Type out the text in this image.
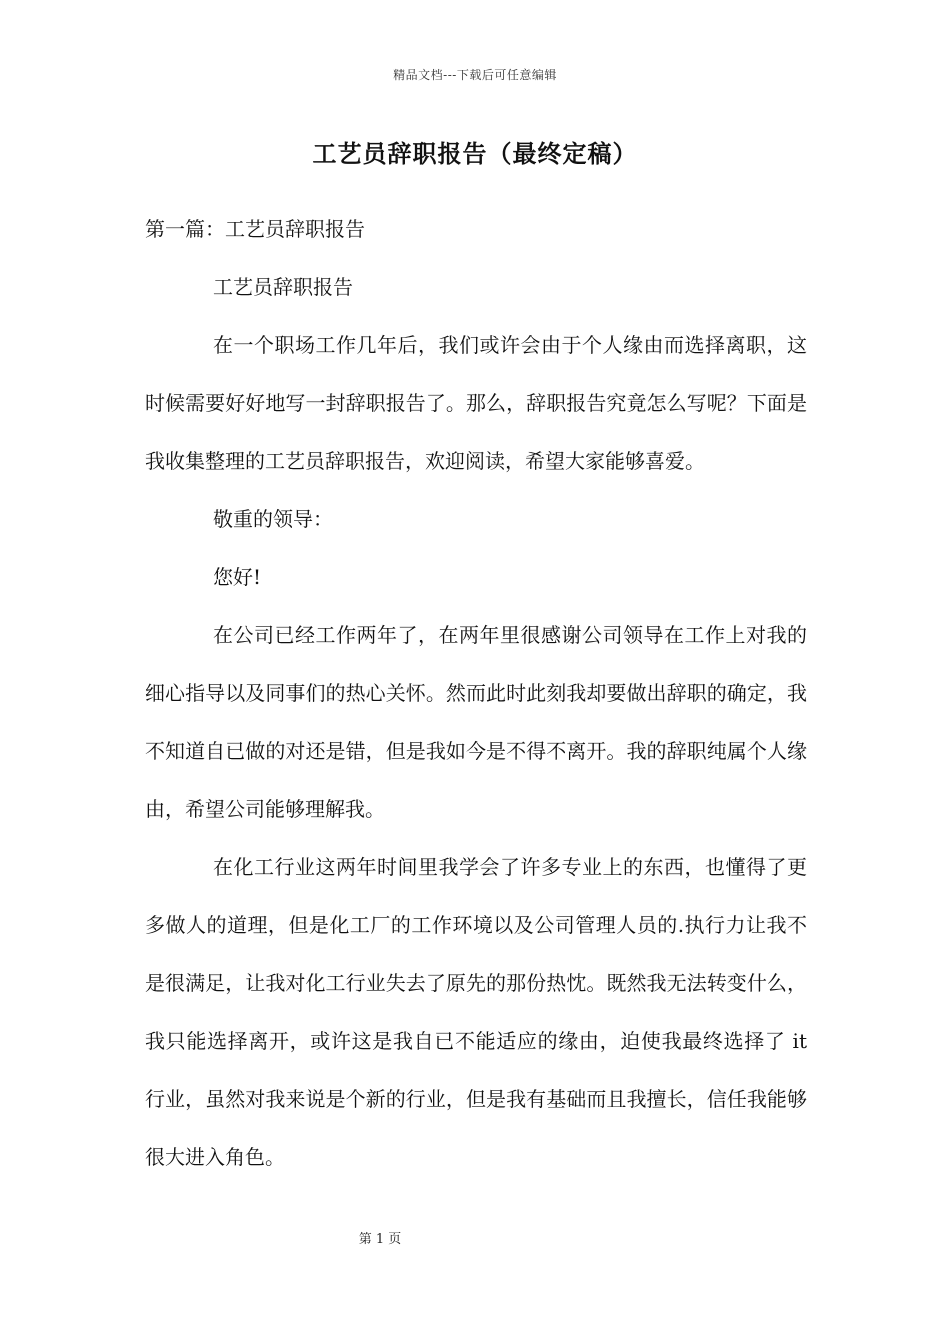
精品文档---下载后可任意编辑
工艺员辞职报告（最终定稿）

第一篇：工艺员辞职报告

工艺员辞职报告

在一个职场工作几年后，我们或许会由于个人缘由而选择离职，这时候需要好好地写一封辞职报告了。那么，辞职报告究竟怎么写呢？下面是我收集整理的工艺员辞职报告，欢迎阅读，希望大家能够喜爱。

敬重的领导：

您好!

在公司已经工作两年了，在两年里很感谢公司领导在工作上对我的细心指导以及同事们的热心关怀。然而此时此刻我却要做出辞职的确定，我不知道自已做的对还是错，但是我如今是不得不离开。我的辞职纯属个人缘由，希望公司能够理解我。

在化工行业这两年时间里我学会了许多专业上的东西，也懂得了更多做人的道理，但是化工厂的工作环境以及公司管理人员的.执行力让我不是很满足，让我对化工行业失去了原先的那份热忱。既然我无法转变什么，我只能选择离开，或许这是我自已不能适应的缘由，迫使我最终选择了 it 行业，虽然对我来说是个新的行业，但是我有基础而且我擅长，信任我能够很大进入角色。

第 1 页
